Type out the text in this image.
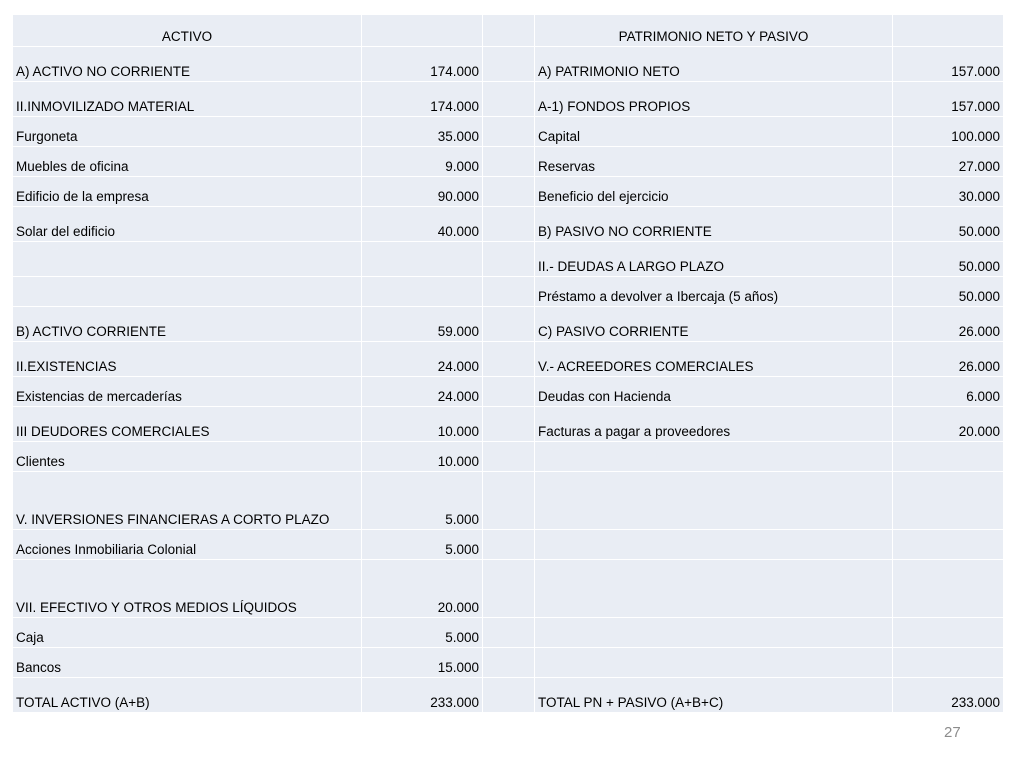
ACTIVO			PATRIMONIO NETO Y PASIVO	
A) ACTIVO NO CORRIENTE	174.000		A) PATRIMONIO NETO	157.000
II.INMOVILIZADO MATERIAL	174.000		A-1) FONDOS PROPIOS	157.000
Furgoneta	35.000		Capital	100.000
Muebles de oficina	9.000		Reservas	27.000
Edificio de la empresa	90.000		Beneficio del ejercicio	30.000
Solar del edificio	40.000		B) PASIVO NO CORRIENTE	50.000
			II.- DEUDAS A LARGO PLAZO	50.000
			Préstamo a devolver a Ibercaja (5 años)	50.000
B) ACTIVO CORRIENTE	59.000		C) PASIVO CORRIENTE	26.000
II.EXISTENCIAS	24.000		V.- ACREEDORES COMERCIALES	26.000
Existencias de mercaderías	24.000		Deudas con Hacienda	6.000
III DEUDORES COMERCIALES	10.000		Facturas a pagar a proveedores	20.000
Clientes	10.000			
V. INVERSIONES FINANCIERAS A CORTO PLAZO	5.000			
Acciones Inmobiliaria Colonial	5.000			
VII. EFECTIVO Y OTROS MEDIOS LÍQUIDOS	20.000			
Caja	5.000			
Bancos	15.000			
TOTAL ACTIVO (A+B)	233.000		TOTAL PN + PASIVO (A+B+C)	233.000
27
